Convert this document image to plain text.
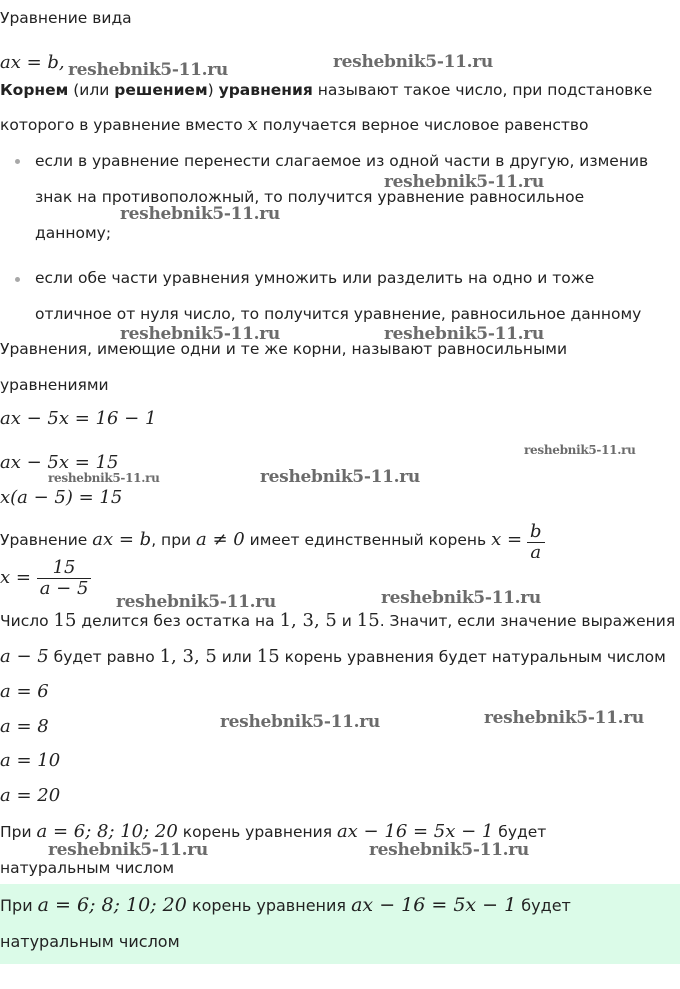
Уравнение вида
ax = b,
Корнем (или решением) уравнения называют такое число, при подстановке
которого в уравнение вместо x получается верное числовое равенство
если в уравнение перенести слагаемое из одной части в другую, изменив
знак на противоположный, то получится уравнение равносильное
данному;
если обе части уравнения умножить или разделить на одно и тоже
отличное от нуля число, то получится уравнение, равносильное данному
Уравнения, имеющие одни и те же корни, называют равносильными
уравнениями
ax − 5x = 16 − 1
ax − 5x = 15
x(a − 5) = 15
Уравнение ax = b, при a ≠ 0 имеет единственный корень $x = \frac{b}{a}$
$x = \frac{15}{a - 5}$
Число 15 делится без остатка на 1, 3, 5 и 15. Значит, если значение выражения
a − 5 будет равно 1, 3, 5 или 15 корень уравнения будет натуральным числом
a = 6
a = 8
a = 10
a = 20
При a = 6; 8; 10; 20 корень уравнения ax − 16 = 5x − 1 будет
натуральным числом
При a = 6; 8; 10; 20 корень уравнения ax − 16 = 5x − 1 будет
натуральным числом
reshebnik5-11.ru	reshebnik5-11.ru
reshebnik5-11.ru
reshebnik5-11.ru
reshebnik5-11.ru	reshebnik5-11.ru
reshebnik5-11.ru
reshebnik5-11.ru	reshebnik5-11.ru
reshebnik5-11.ru	reshebnik5-11.ru
reshebnik5-11.ru	reshebnik5-11.ru
reshebnik5-11.ru	reshebnik5-11.ru
